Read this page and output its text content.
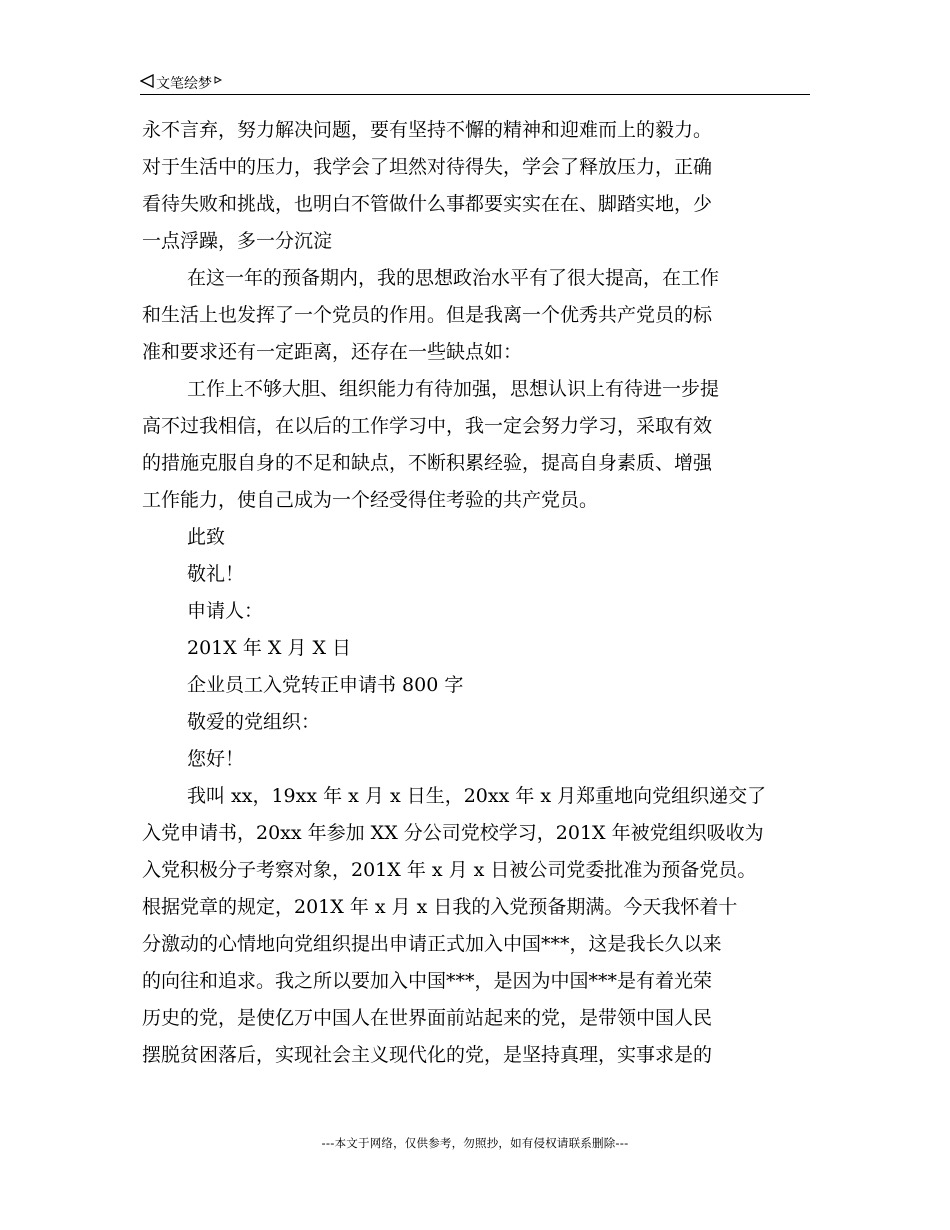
文笔绘梦
永不言弃，努力解决问题，要有坚持不懈的精神和迎难而上的毅力。
对于生活中的压力，我学会了坦然对待得失，学会了释放压力，正确
看待失败和挑战，也明白不管做什么事都要实实在在、脚踏实地，少
一点浮躁，多一分沉淀
在这一年的预备期内，我的思想政治水平有了很大提高，在工作
和生活上也发挥了一个党员的作用。但是我离一个优秀共产党员的标
准和要求还有一定距离，还存在一些缺点如：
工作上不够大胆、组织能力有待加强，思想认识上有待进一步提
高不过我相信，在以后的工作学习中，我一定会努力学习，采取有效
的措施克服自身的不足和缺点，不断积累经验，提高自身素质、增强
工作能力，使自己成为一个经受得住考验的共产党员。
此致
敬礼！
申请人：
201X 年 X 月 X 日
企业员工入党转正申请书 800 字
敬爱的党组织：
您好！
我叫 xx，19xx 年 x 月 x 日生，20xx 年 x 月郑重地向党组织递交了
入党申请书，20xx 年参加 XX 分公司党校学习，201X 年被党组织吸收为
入党积极分子考察对象，201X 年 x 月 x 日被公司党委批准为预备党员。
根据党章的规定，201X 年 x 月 x 日我的入党预备期满。今天我怀着十
分激动的心情地向党组织提出申请正式加入中国***，这是我长久以来
的向往和追求。我之所以要加入中国***，是因为中国***是有着光荣
历史的党，是使亿万中国人在世界面前站起来的党，是带领中国人民
摆脱贫困落后，实现社会主义现代化的党，是坚持真理，实事求是的
---本文于网络，仅供参考，勿照抄，如有侵权请联系删除---
